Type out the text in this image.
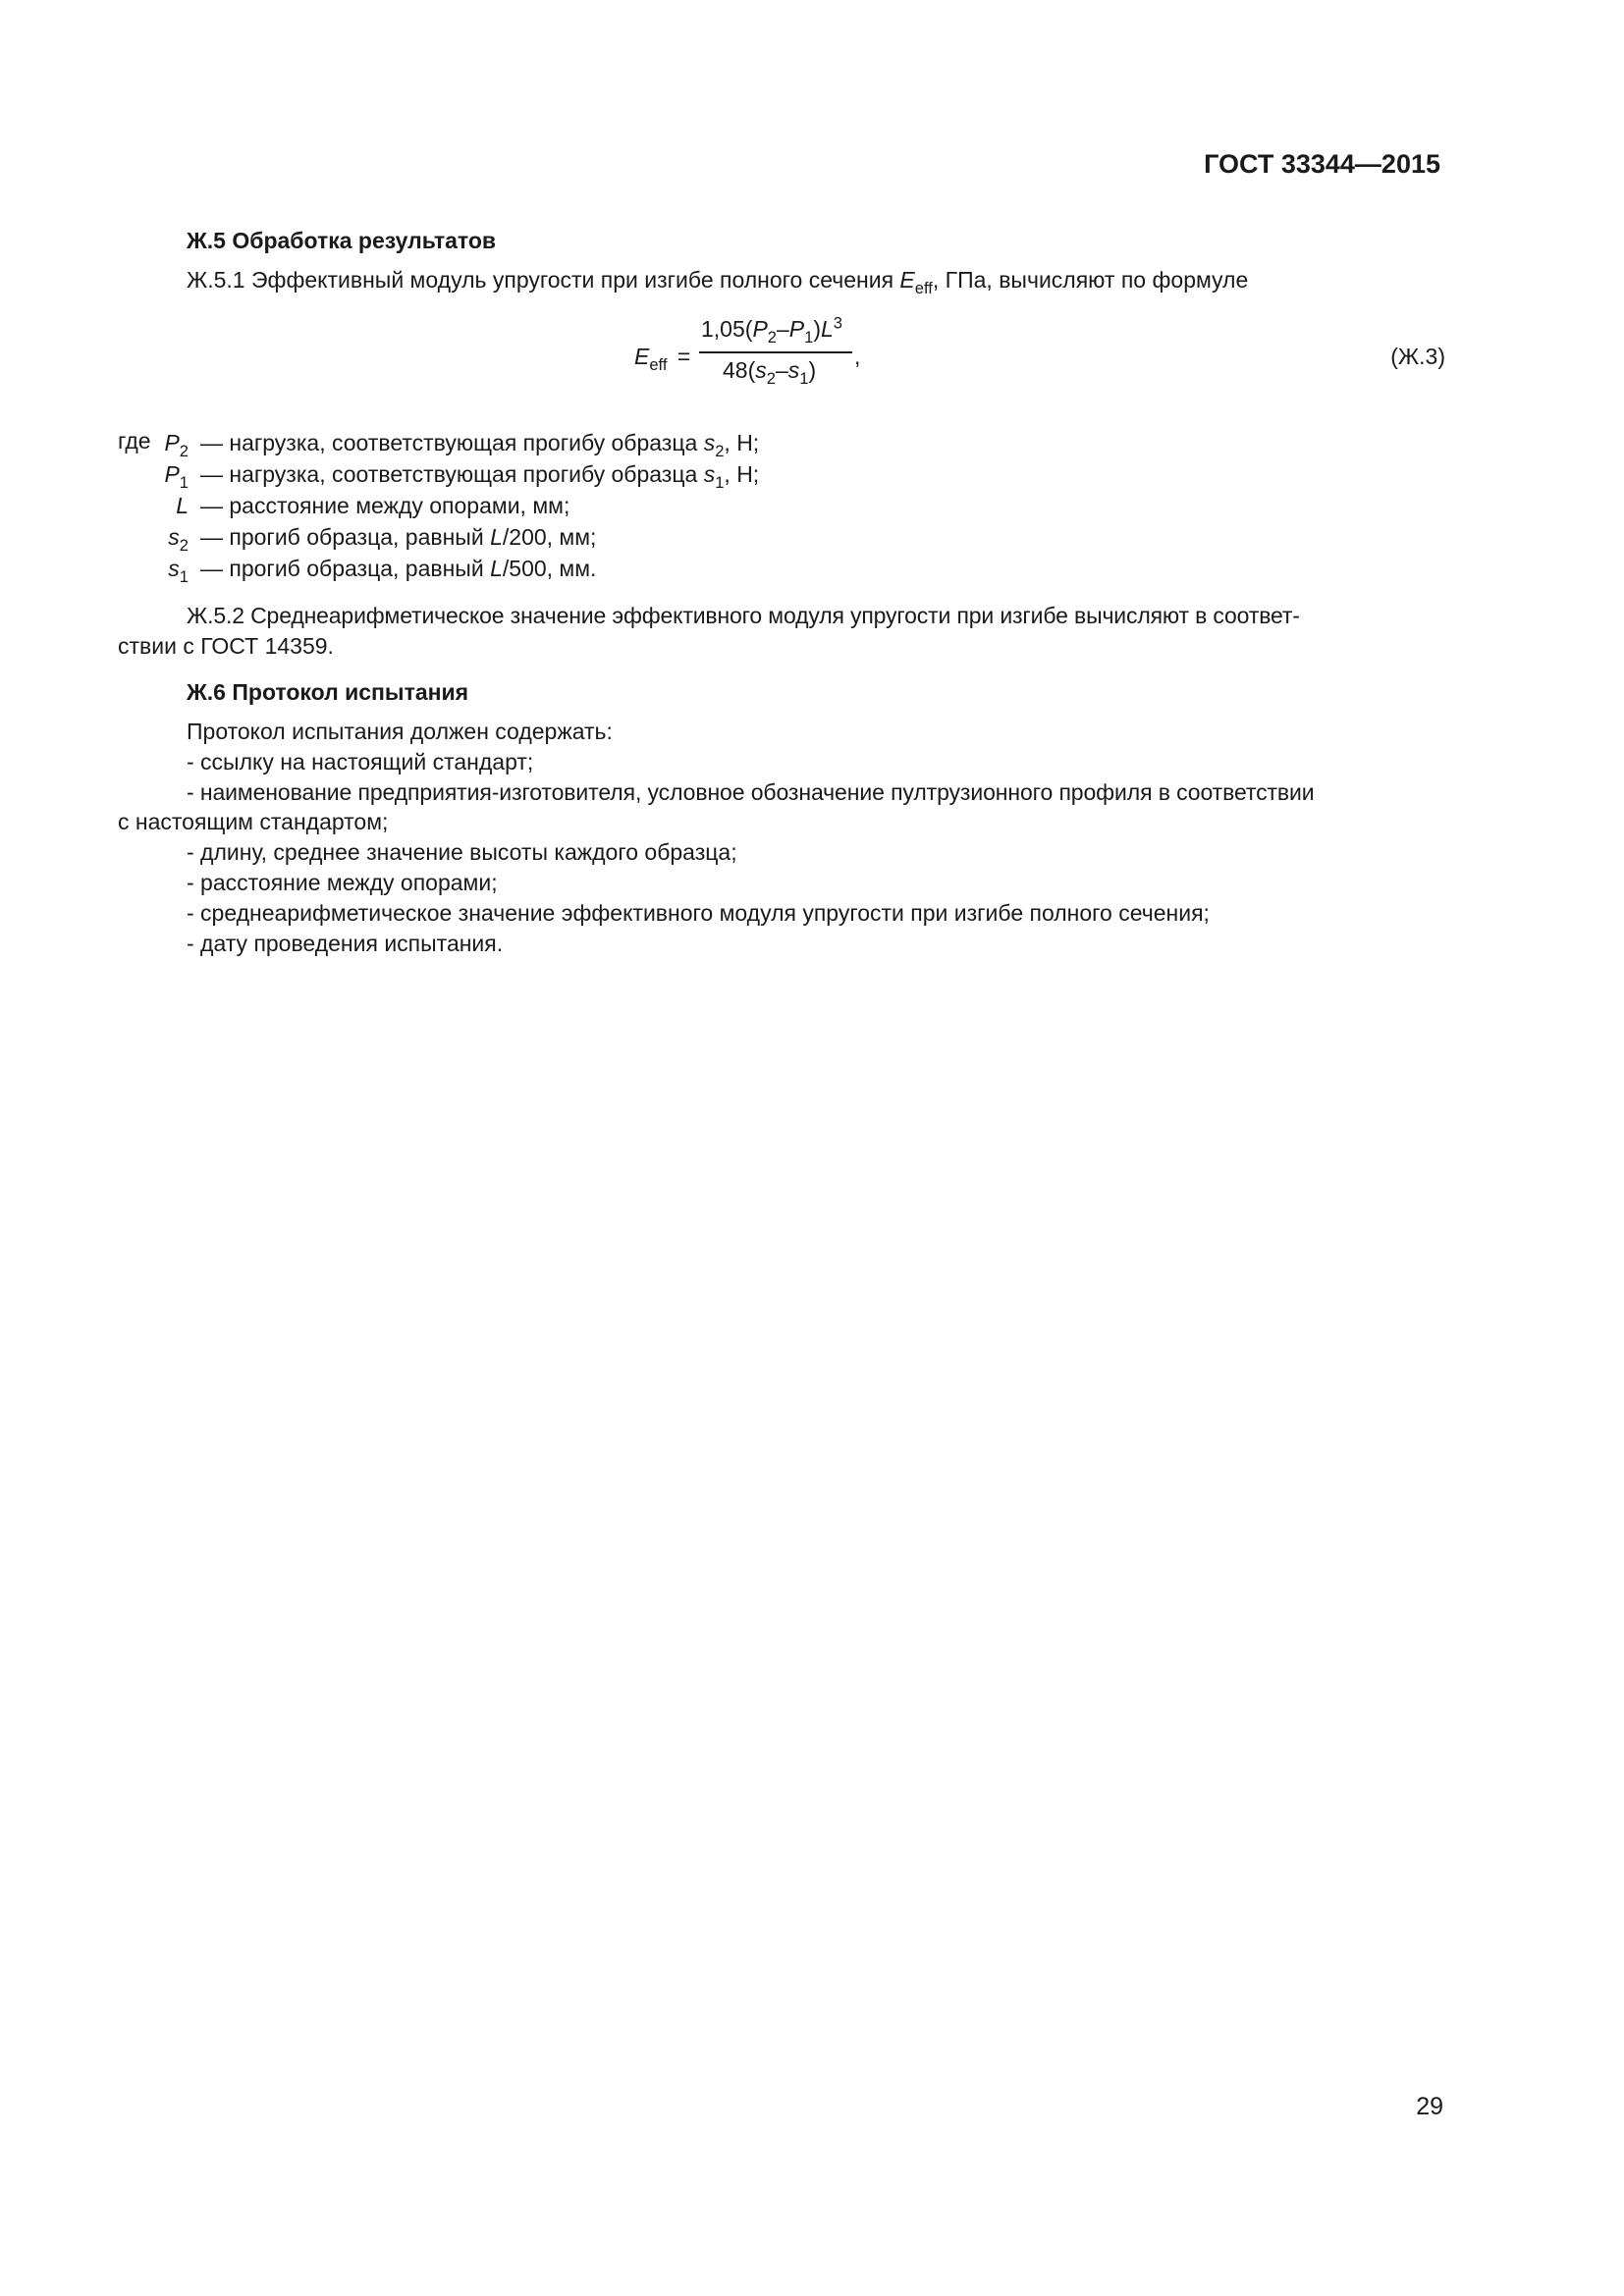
ГОСТ 33344—2015
Ж.5 Обработка результатов
Ж.5.1 Эффективный модуль упругости при изгибе полного сечения $E_{eff}$, ГПа, вычисляют по формуле
$E_{eff}$ =
$1,05(P_2-P_1)L^3$
$48(s_2-s_1)$
,	(Ж.3)
где $P_2$ — нагрузка, соответствующая прогибу образца $s_2$, Н;
$P_1$ — нагрузка, соответствующая прогибу образца $s_1$, Н;
L — расстояние между опорами, мм;
$s_2$ — прогиб образца, равный L/200, мм;
$s_1$ — прогиб образца, равный L/500, мм.
Ж.5.2 Среднеарифметическое значение эффективного модуля упругости при изгибе вычисляют в соответ-
ствии с ГОСТ 14359.
Ж.6 Протокол испытания
Протокол испытания должен содержать:
- ссылку на настоящий стандарт;
- наименование предприятия-изготовителя, условное обозначение пултрузионного профиля в соответствии
с настоящим стандартом;
- длину, среднее значение высоты каждого образца;
- расстояние между опорами;
- среднеарифметическое значение эффективного модуля упругости при изгибе полного сечения;
- дату проведения испытания.
29
